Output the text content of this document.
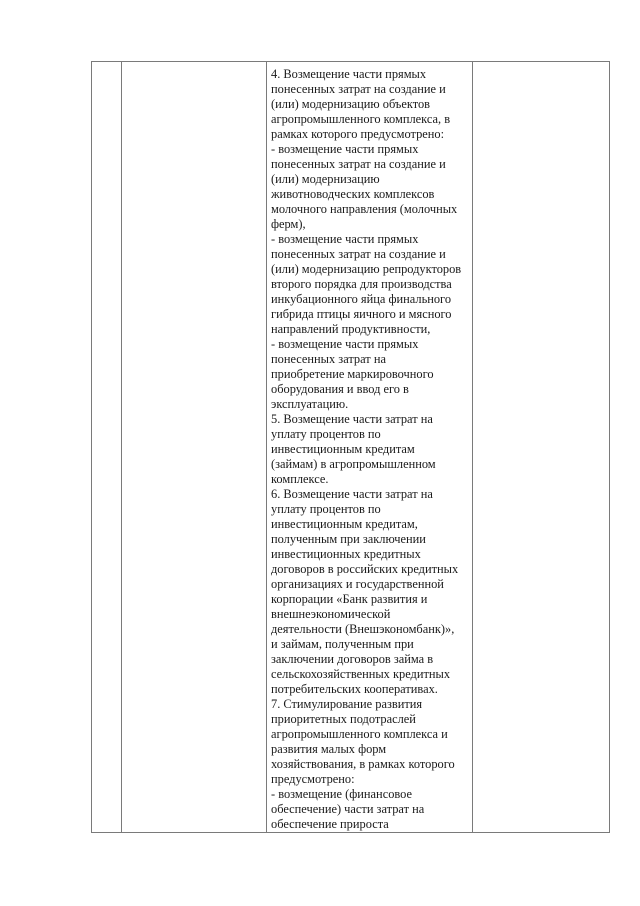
4. Возмещение части прямых
понесенных затрат на создание и
(или) модернизацию объектов
агропромышленного комплекса, в
рамках которого предусмотрено:
- возмещение части прямых
понесенных затрат на создание и
(или) модернизацию
животноводческих комплексов
молочного направления (молочных
ферм),
- возмещение части прямых
понесенных затрат на создание и
(или) модернизацию репродукторов
второго порядка для производства
инкубационного яйца финального
гибрида птицы яичного и мясного
направлений продуктивности,
- возмещение части прямых
понесенных затрат на
приобретение маркировочного
оборудования и ввод его в
эксплуатацию.
5. Возмещение части затрат на
уплату процентов по
инвестиционным кредитам
(займам) в агропромышленном
комплексе.
6. Возмещение части затрат на
уплату процентов по
инвестиционным кредитам,
полученным при заключении
инвестиционных кредитных
договоров в российских кредитных
организациях и государственной
корпорации «Банк развития и
внешнеэкономической
деятельности (Внешэкономбанк)»,
и займам, полученным при
заключении договоров займа в
сельскохозяйственных кредитных
потребительских кооперативах.
7. Стимулирование развития
приоритетных подотраслей
агропромышленного комплекса и
развития малых форм
хозяйствования, в рамках которого
предусмотрено:
- возмещение (финансовое
обеспечение) части затрат на
обеспечение прироста
